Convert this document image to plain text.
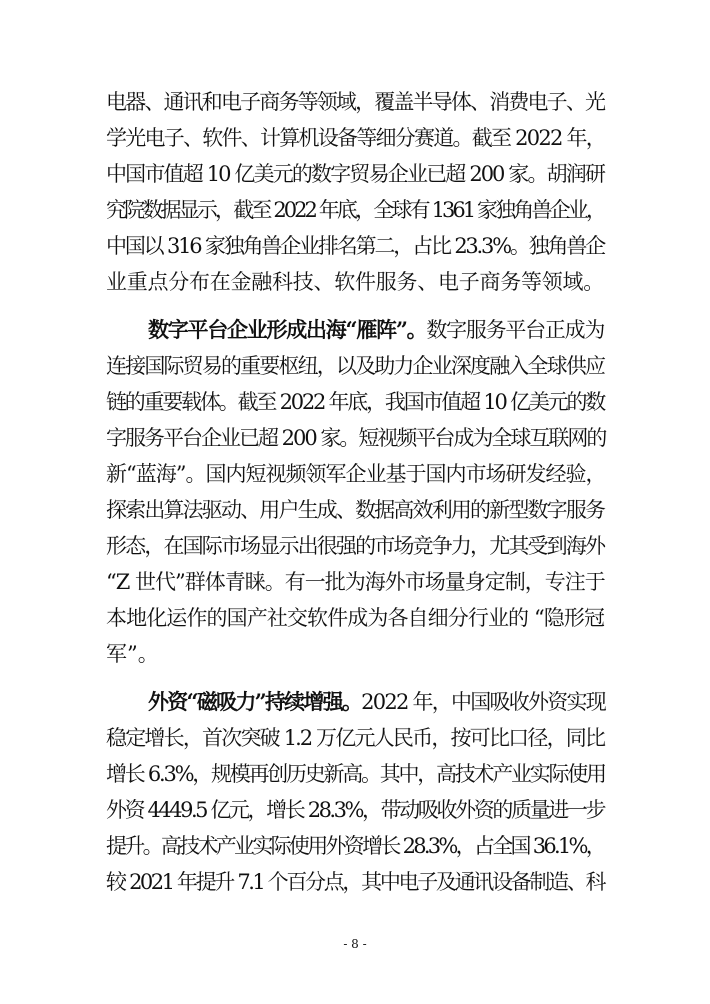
电器、通讯和电子商务等领域，覆盖半导体、消费电子、光
学光电子、软件、计算机设备等细分赛道。截至 2022 年，
中国市值超 10 亿美元的数字贸易企业已超 200 家。胡润研
究院数据显示，截至 2022 年底，全球有 1361 家独角兽企业，
中国以 316 家独角兽企业排名第二，占比 23.3%。独角兽企
业重点分布在金融科技、软件服务、电子商务等领域。
数字平台企业形成出海“雁阵”。数字服务平台正成为
连接国际贸易的重要枢纽，以及助力企业深度融入全球供应
链的重要载体。截至 2022 年底，我国市值超 10 亿美元的数
字服务平台企业已超 200 家。短视频平台成为全球互联网的
新“蓝海”。国内短视频领军企业基于国内市场研发经验，
探索出算法驱动、用户生成、数据高效利用的新型数字服务
形态，在国际市场显示出很强的市场竞争力，尤其受到海外
“Z 世代”群体青睐。有一批为海外市场量身定制，专注于
本地化运作的国产社交软件成为各自细分行业的 “隐形冠
军”。
外资“磁吸力”持续增强。2022 年，中国吸收外资实现
稳定增长，首次突破 1.2 万亿元人民币，按可比口径，同比
增长 6.3%，规模再创历史新高。其中，高技术产业实际使用
外资 4449.5 亿元，增长 28.3%，带动吸收外资的质量进一步
提升。高技术产业实际使用外资增长 28.3%，占全国 36.1%，
较 2021 年提升 7.1 个百分点，其中电子及通讯设备制造、科
- 8 -
